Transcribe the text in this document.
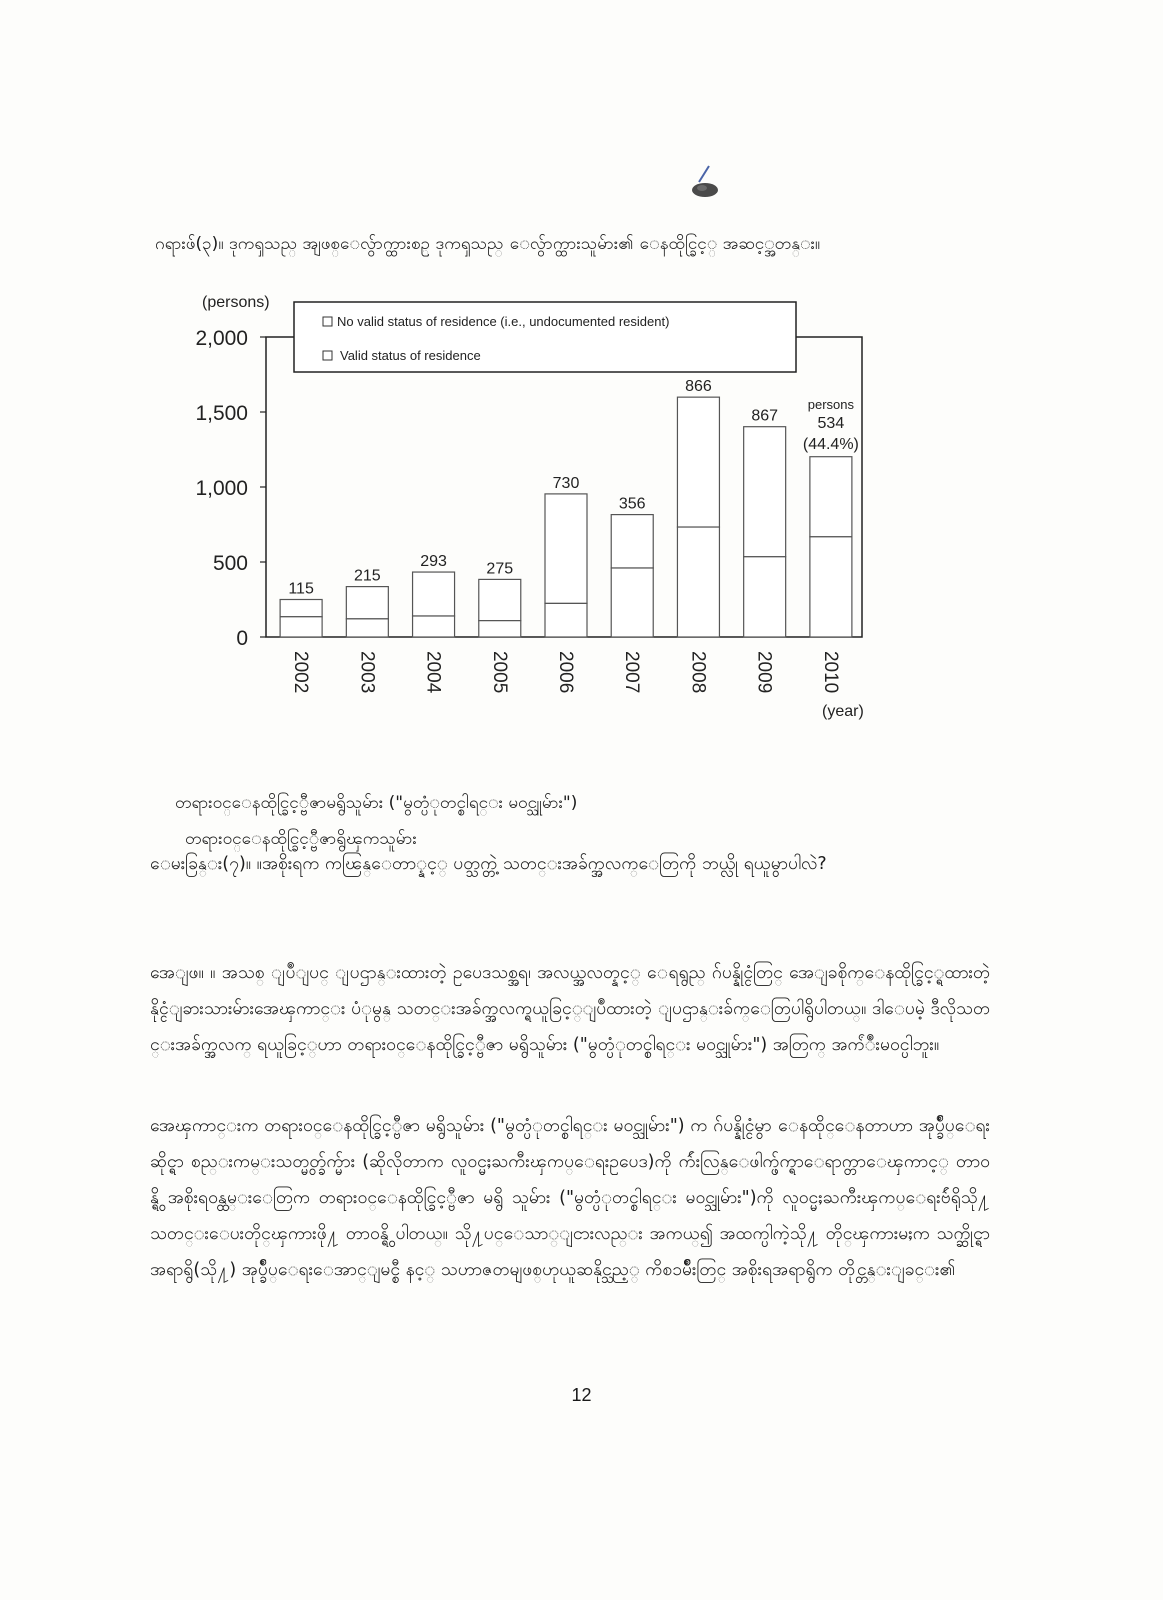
ဂရားဖ်(၃)။ ဒုကၡသည္ အျဖစ္ေလွ်ာက္ထားစဥ္ ဒုကၡသည္ ေလွ်ာက္ထားသူမ်ား၏ ေနထိုင္ခြင့္ အဆင့္အတန္း။
0
500
1,000
1,500
2,000
(persons)
115
2002
215
2003
293
2004
275
2005
730
2006
356
2007
866
2008
867
2009 2010
persons
534
(44.4%)
(year)
No valid status of residence (i.e., undocumented resident)
Valid status of residence
တရားဝင္ေနထိုင္ခြင့္ဗီဇာမရွိသူမ်ား ("မွတ္ပံုတင္စါရင္း မဝင္သူမ်ား")
တရားဝင္ေနထိုင္ခြင့္ဗီဇာရွိၾကသူမ်ား
ေမးခြန္း(၇)။ ။အစိုးရက ကၽြန္ေတာ္နင့္ ပတ္သက္တဲ့ သတင္းအခ်က္အလက္ေတြကို ဘယ္လို ရယူမွာပါလဲ?
အေျဖ။ ။ အသစ္ ျပဳျပင္ ျပဌာန္းထားတဲ့ ဥပေဒသစ္အရ၊ အလယ္အလတ္နင့္ ေရရွည္ ဂ်ပန္နိုင္ငံတြင္ အေျခစိုက္ေနထိုင္ခြင့္ရထားတဲ့ နိုင္ငံျခားသားမ်ားအေၾကာင္း ပံုမွန္ သတင္းအခ်က္အလက္ရယူခြင့္ျပဳထားတဲ့ ျပဌာန္းခ်က္ေတြပါရွိပါတယ္။ ဒါေပမဲ့ ဒီလိုသတင္းအခ်က္အလက္ ရယူခြင့္ဟာ တရားဝင္ေနထိုင္ခြင့္ဗီဇာ မရွိသူမ်ား ("မွတ္ပံုတင္စါရင္း မဝင္သူမ်ား") အတြက္ အက်ံဳးမဝင္ပါဘူး။
အေၾကာင္းက တရားဝင္ေနထိုင္ခြင့္ဗီဇာ မရွိသူမ်ား ("မွတ္ပံုတင္စါရင္း မဝင္သူမ်ား") က ဂ်ပန္နိုင္ငံမွာ ေနထိုင္ေနတာဟာ အုပ္ခ်ဳပ္ေရးဆိုင္ရာ စည္းကမ္းသတ္မွတ္ခ်က္မ်ား (ဆိုလိုတာက လူဝင္မႈႀကီးၾကပ္ေရးဥပေဒ)ကို က်ဴးလြန္ေဖါက္ဖ်က္ရာေရာက္တာေၾကာင့္ တာဝန္ရွိ အစိုးရဝန္ထမ္းေတြက တရားဝင္ေနထိုင္ခြင့္ဗီဇာ မရွိ သူမ်ား ("မွတ္ပံုတင္စါရင္း မဝင္သူမ်ား")ကို လူဝင္မႈႀကီးၾကပ္ေရးဗ်ဴရိုသို႔ သတင္းေပးတိုင္ၾကားဖို႔ တာဝန္ရွိ ပါတယ္။ သို႔ပင္ေသာ္ျငားလည္း အကယ္၍ အထက္ပါကဲ့သို႔ တိုင္ၾကားမႈက သက္ဆိုင္ရာအရာရွိ(သို႔) အုပ္ခ်ဳပ္ေရးေအာင္ျမင္စီ နင့္ သဟာဇတမျဖစ္ဟုယူဆနိုင္သည့္ ကိစၥမ်ိဳးတြင္ အစိုးရအရာရွိက တိုင္တန္းျခင္း၏
12
